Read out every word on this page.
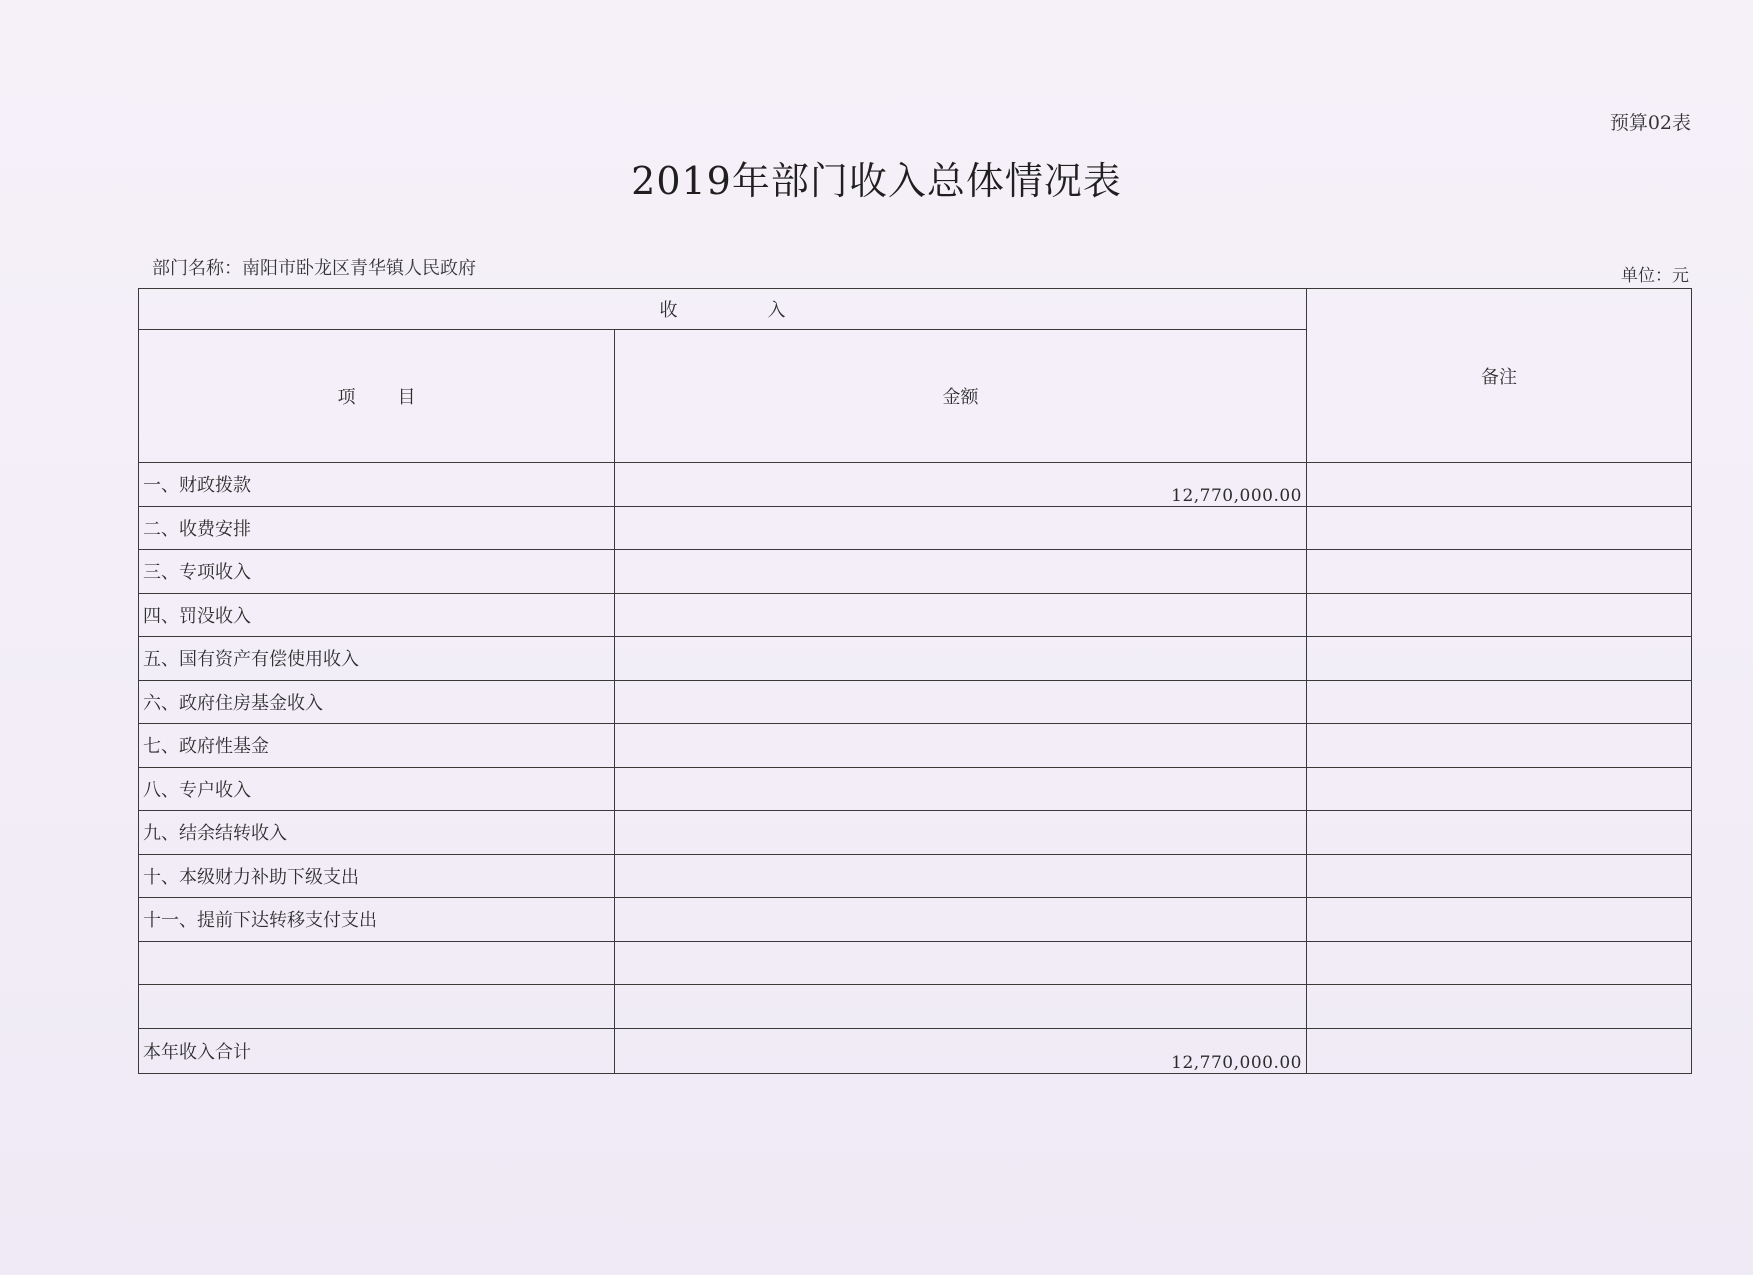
预算02表
2019年部门收入总体情况表
部门名称：南阳市卧龙区青华镇人民政府	单位：元
收 入		备注
项 目	金额	
一、财政拨款	12,770,000.00	
二、收费安排		
三、专项收入		
四、罚没收入		
五、国有资产有偿使用收入		
六、政府住房基金收入		
七、政府性基金		
八、专户收入		
九、结余结转收入		
十、本级财力补助下级支出		
十一、提前下达转移支付支出		

本年收入合计	12,770,000.00	
